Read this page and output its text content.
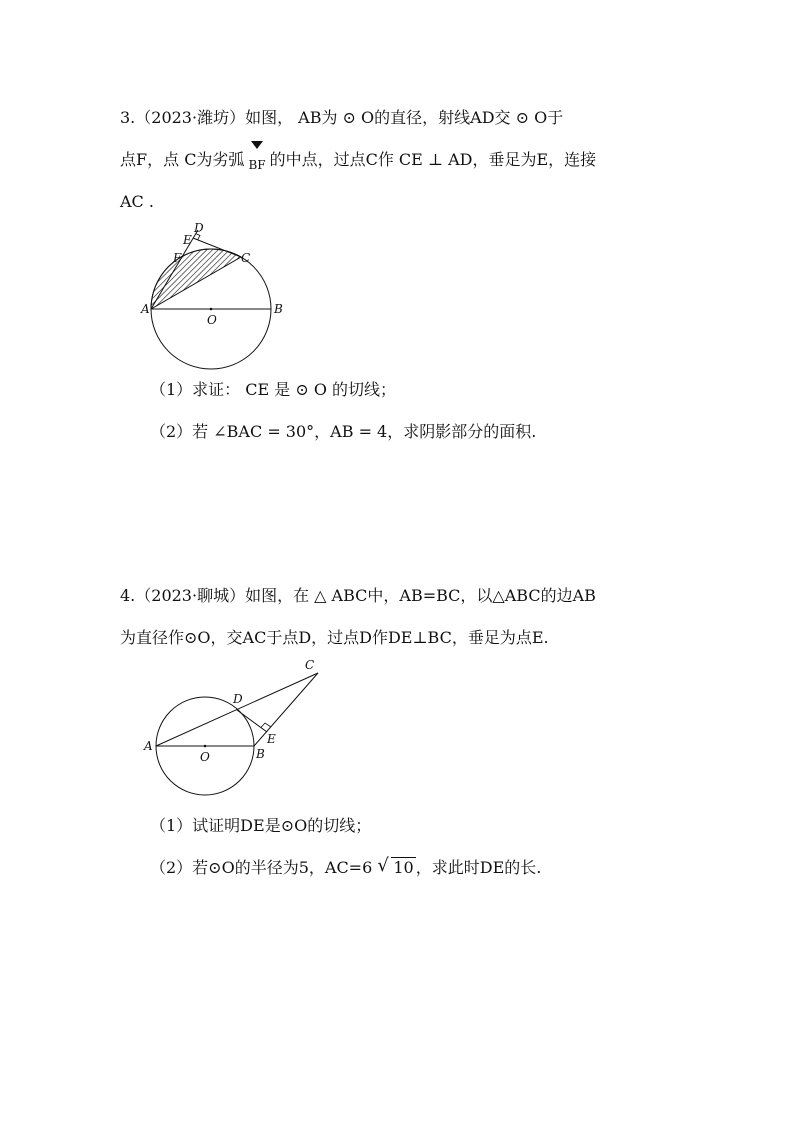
3.（2023·潍坊）如图， AB为 ⊙ O的直径，射线AD交 ⊙ O于
点F，点 C为劣弧 BF 的中点，过点C作 CE ⊥ AD，垂足为E，连接
AC .
A	B
C
D
E
F
O
（1）求证： CE 是 ⊙ O 的切线；
（2）若 ∠BAC = 30°，AB = 4，求阴影部分的面积.
4.（2023·聊城）如图，在 △ ABC中，AB=BC，以△ABC的边AB
为直径作⊙O，交AC于点D，过点D作DE⊥BC，垂足为点E.
A
B
C
D
E
O
（1）试证明DE是⊙O的切线；
（2）若⊙O的半径为5，AC=6 √ 10 ，求此时DE的长.
